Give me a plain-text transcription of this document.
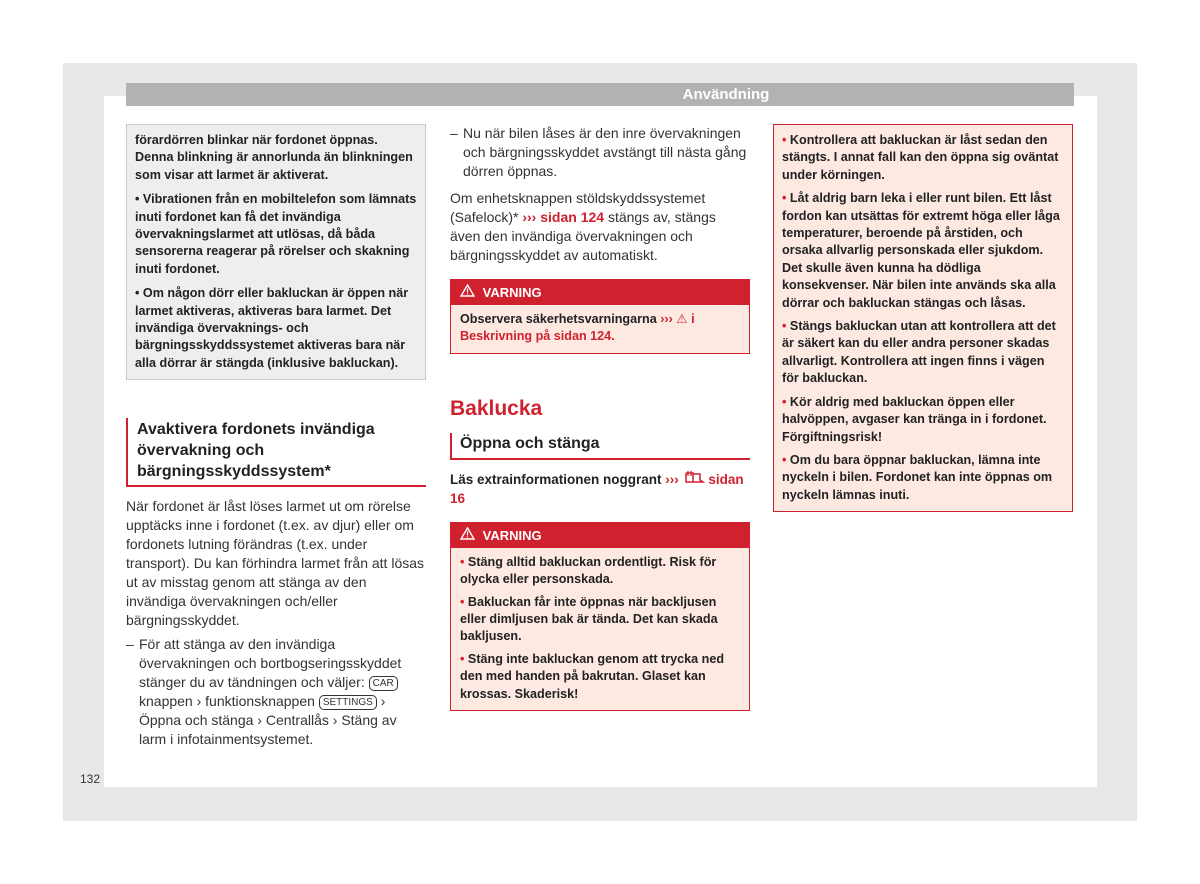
Användning

förardörren blinkar när fordonet öppnas. Denna blinkning är annorlunda än blinkningen som visar att larmet är aktiverat.

• Vibrationen från en mobiltelefon som lämnats inuti fordonet kan få det invändiga övervakningslarmet att utlösas, då båda sensorerna reagerar på rörelser och skakning inuti fordonet.

• Om någon dörr eller bakluckan är öppen när larmet aktiveras, aktiveras bara larmet. Det invändiga övervaknings- och bärgningsskyddssystemet aktiveras bara när alla dörrar är stängda (inklusive bakluckan).

Avaktivera fordonets invändiga övervakning och bärgningsskyddssystem*

När fordonet är låst löses larmet ut om rörelse upptäcks inne i fordonet (t.ex. av djur) eller om fordonets lutning förändras (t.ex. under transport). Du kan förhindra larmet från att lösas ut av misstag genom att stänga av den invändiga övervakningen och/eller bärgningsskyddet.

– För att stänga av den invändiga övervakningen och bortbogseringsskyddet stänger du av tändningen och väljer: CAR knappen › funktionsknappen SETTINGS › Öppna och stänga › Centrallås › Stäng av larm i infotainmentsystemet.
– Nu när bilen låses är den inre övervakningen och bärgningsskyddet avstängt till nästa gång dörren öppnas.

Om enhetsknappen stöldskyddssystemet (Safelock)* ››› sidan 124 stängs av, stängs även den invändiga övervakningen och bärgningsskyddet av automatiskt.

VARNING

Observera säkerhetsvarningarna ››› ⚠ i Beskrivning på sidan 124.

Baklucka
Öppna och stänga

Läs extrainformationen noggrant ››› sidan 16

VARNING

• Stäng alltid bakluckan ordentligt. Risk för olycka eller personskada.

• Bakluckan får inte öppnas när backljusen eller dimljusen bak är tända. Det kan skada bakljusen.

• Stäng inte bakluckan genom att trycka ned den med handen på bakrutan. Glaset kan krossas. Skaderisk!

• Kontrollera att bakluckan är låst sedan den stängts. I annat fall kan den öppna sig oväntat under körningen.

• Låt aldrig barn leka i eller runt bilen. Ett låst fordon kan utsättas för extremt höga eller låga temperaturer, beroende på årstiden, och orsaka allvarlig personskada eller sjukdom. Det skulle även kunna ha dödliga konsekvenser. När bilen inte används ska alla dörrar och bakluckan stängas och låsas.

• Stängs bakluckan utan att kontrollera att det är säkert kan du eller andra personer skadas allvarligt. Kontrollera att ingen finns i vägen för bakluckan.

• Kör aldrig med bakluckan öppen eller halvöppen, avgaser kan tränga in i fordonet. Förgiftningsrisk!

• Om du bara öppnar bakluckan, lämna inte nyckeln i bilen. Fordonet kan inte öppnas om nyckeln lämnas inuti.

132
